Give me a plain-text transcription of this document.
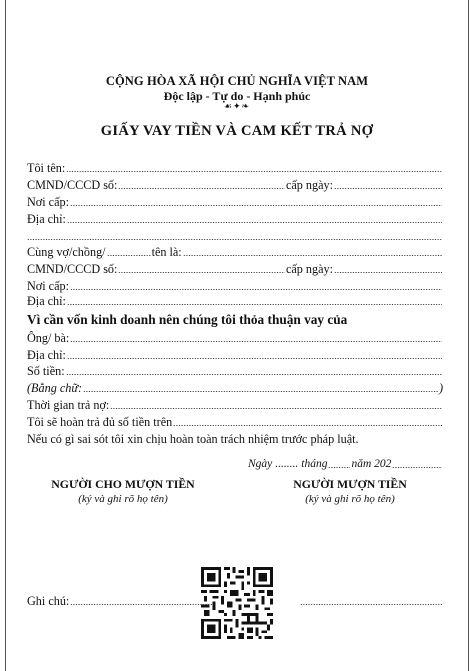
CỘNG HÒA XÃ HỘI CHỦ NGHĨA VIỆT NAM
Độc lập - Tự do - Hạnh phúc
☙✦❧
GIẤY VAY TIỀN VÀ CAM KẾT TRẢ NỢ
Tôi tên:
CMND/CCCD số:	cấp ngày:
Nơi cấp:
Địa chỉ:
Cùng vợ/chồng/	tên là:
CMND/CCCD số:	cấp ngày:
Nơi cấp:
Địa chỉ:
Vì cần vốn kinh doanh nên chúng tôi thỏa thuận vay của
Ông/ bà:
Địa chỉ:
Số tiền:
(Bằng chữ:	)
Thời gian trả nợ:
Tôi sẽ hoàn trả đủ số tiền trên
Nếu có gì sai sót tôi xin chịu hoàn toàn trách nhiệm trước pháp luật.
Ngày ........ tháng năm 202
NGƯỜI CHO MƯỢN TIỀN
(ký và ghi rõ họ tên)
NGƯỜI MƯỢN TIỀN
(ký và ghi rõ họ tên)
Ghi chú:
